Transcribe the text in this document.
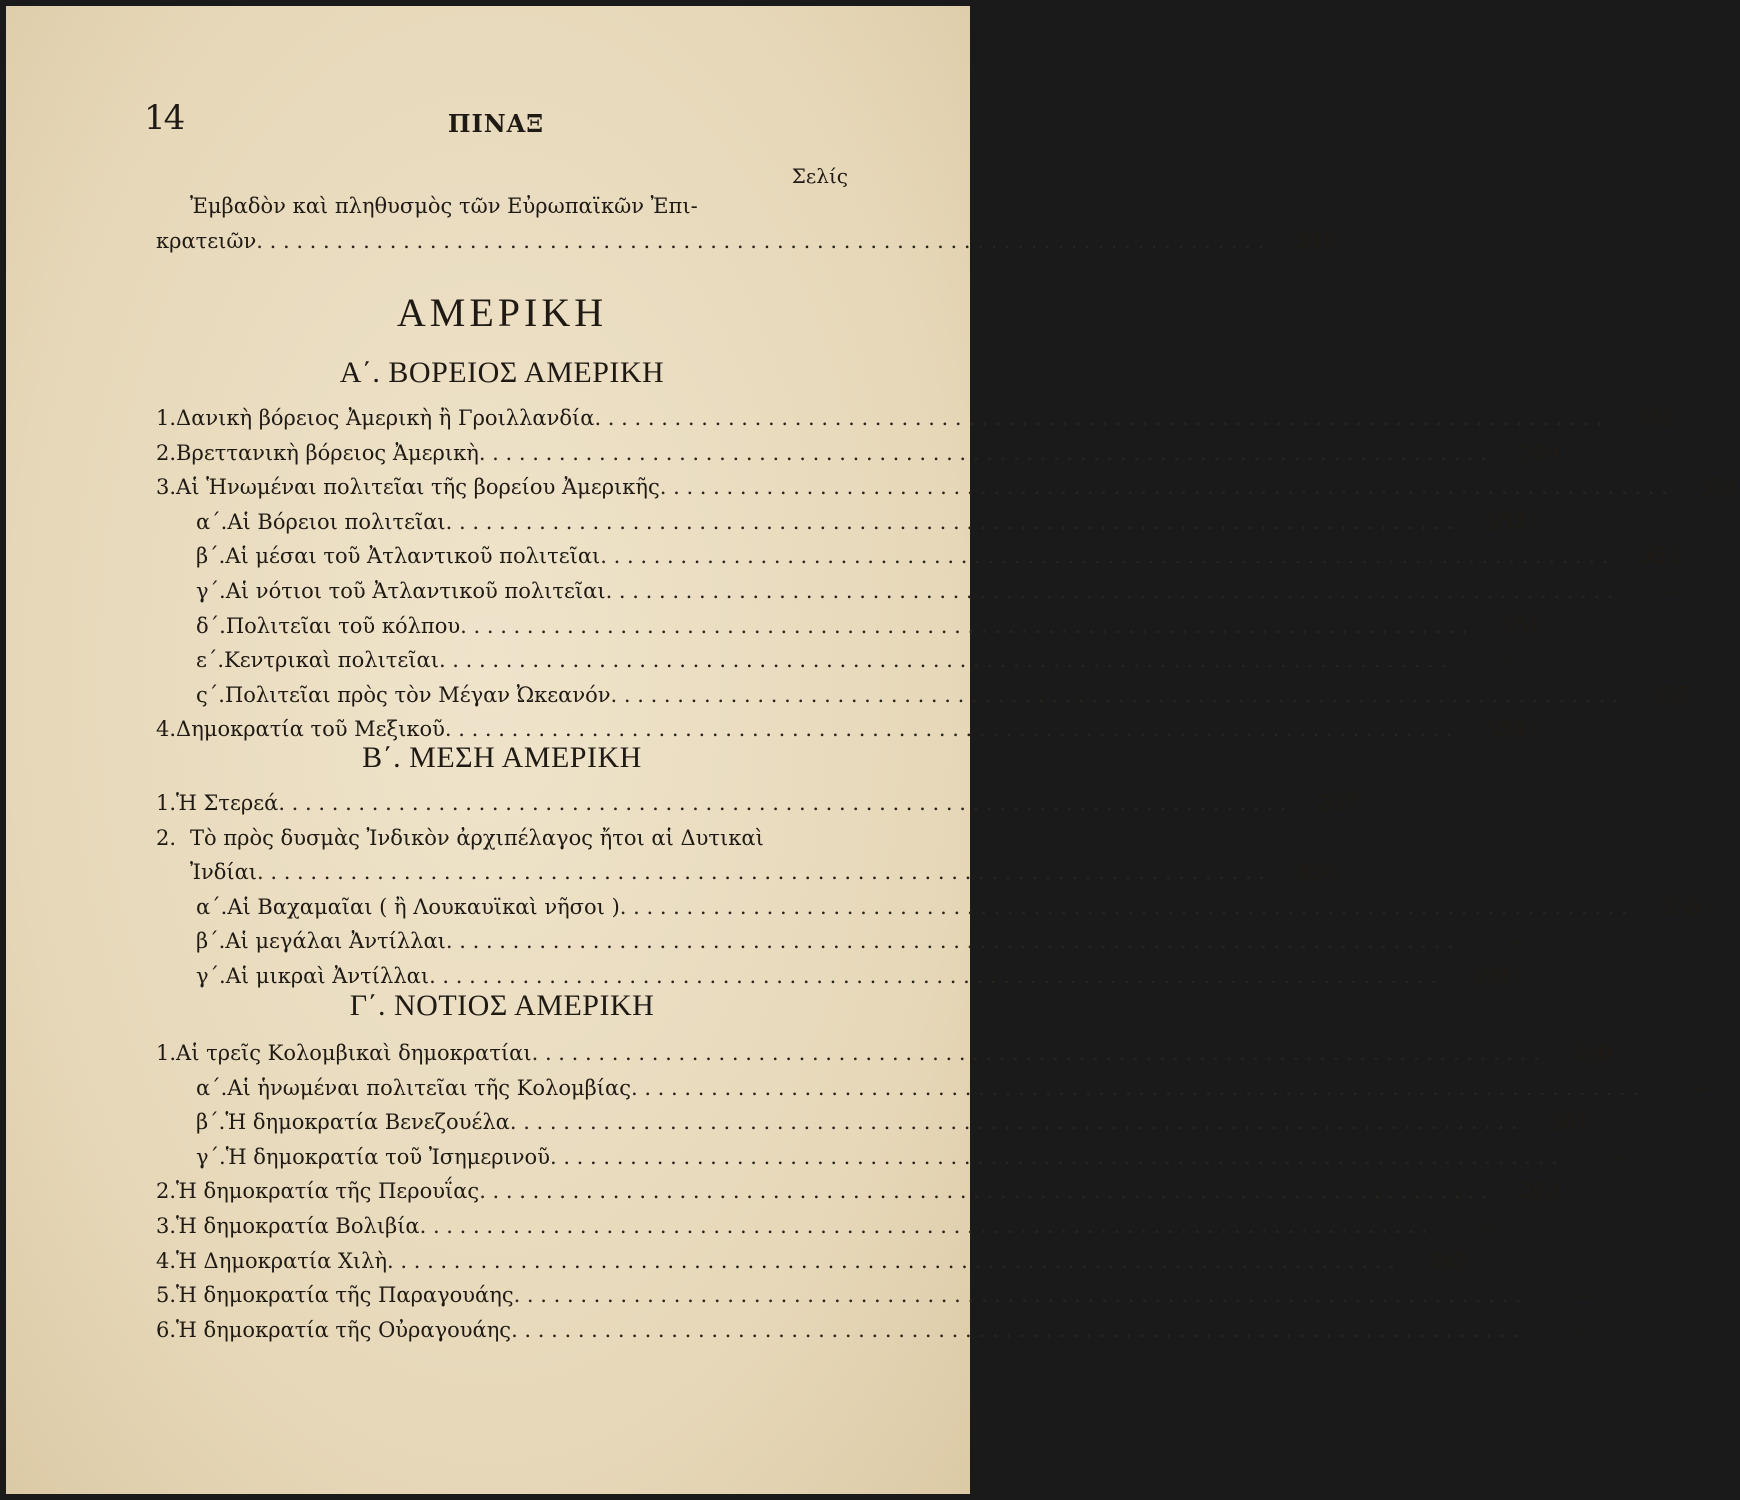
14	ΠΙΝΑΞ
Σελίς
Ἐμβαδὸν καὶ πληθυσμὸς τῶν Εὐρωπαϊκῶν Ἐπι-
κρατειῶν . . .	340
ΑΜΕΡΙΚΗ
Α΄. ΒΟΡΕΙΟΣ ΑΜΕΡΙΚΗ
1. Δανικὴ βόρειος Ἀμερικὴ ἢ Γροιλλανδία . . .	348
2. Βρεττανικὴ βόρειος Ἀμερικὴ . . .	349
3. Αἱ Ἡνωμέναι πολιτεῖαι τῆς βορείου Ἀμερικῆς . . .	351
α΄. Αἱ Βόρειοι πολιτεῖαι . . .	352
β΄. Αἱ μέσαι τοῦ Ἀτλαντικοῦ πολιτεῖαι . . .	353
γ΄. Αἱ νότιοι τοῦ Ἀτλαντικοῦ πολιτεῖαι . . .	—
δ΄. Πολιτεῖαι τοῦ κόλπου . . .	354
ε΄. Κεντρικαὶ πολιτεῖαι . . .	—
ς΄. Πολιτεῖαι πρὸς τὸν Μέγαν Ὠκεανόν . . .	355
4. Δημοκρατία τοῦ Μεξικοῦ . . .	356
Β΄. ΜΕΣΗ ΑΜΕΡΙΚΗ
1. Ἡ Στερεά . . .	357
2. Τὸ πρὸς δυσμὰς Ἰνδικὸν ἀρχιπέλαγος ἤτοι αἱ Δυτικαὶ
Ἰνδίαι . . .	358
α΄. Αἱ Βαχαμαῖαι ( ἢ Λουκαυϊκαὶ νῆσοι ) . . .	358
β΄. Αἱ μεγάλαι Ἀντίλλαι . . .	—
γ΄. Αἱ μικραὶ Ἀντίλλαι . . .	359
Γ΄. ΝΟΤΙΟΣ ΑΜΕΡΙΚΗ
1. Αἱ τρεῖς Κολομβικαὶ δημοκρατίαι . . .	360
α΄. Αἱ ἡνωμέναι πολιτεῖαι τῆς Κολομβίας . . .	—
β΄. Ἡ δημοκρατία Βενεζουέλα . . .	361
γ΄. Ἡ δημοκρατία τοῦ Ἰσημερινοῦ . . .	—
2. Ἡ δημοκρατία τῆς Περουΐας . . .	262
3. Ἡ δημοκρατία Βολιβία . . .	—
4. Ἡ Δημοκρατία Χιλὴ . . .	363
5. Ἡ δημοκρατία τῆς Παραγουάης . . .	—
6. Ἡ δημοκρατία τῆς Οὐραγουάης . . .	—
